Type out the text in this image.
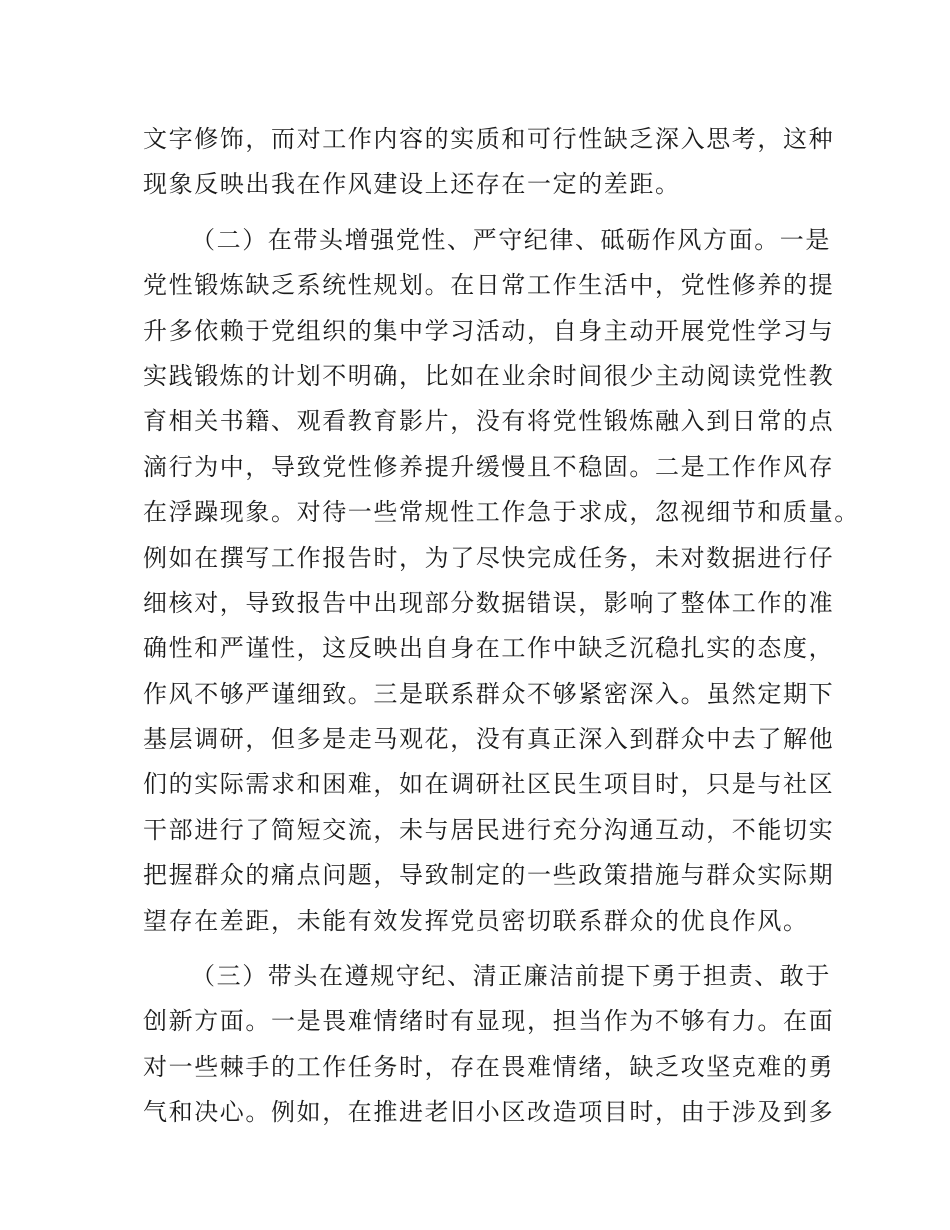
文字修饰，而对工作内容的实质和可行性缺乏深入思考，这种
现象反映出我在作风建设上还存在一定的差距。

（二）在带头增强党性、严守纪律、砥砺作风方面。一是
党性锻炼缺乏系统性规划。在日常工作生活中，党性修养的提
升多依赖于党组织的集中学习活动，自身主动开展党性学习与
实践锻炼的计划不明确，比如在业余时间很少主动阅读党性教
育相关书籍、观看教育影片，没有将党性锻炼融入到日常的点
滴行为中，导致党性修养提升缓慢且不稳固。二是工作作风存
在浮躁现象。对待一些常规性工作急于求成，忽视细节和质量。
例如在撰写工作报告时，为了尽快完成任务，未对数据进行仔
细核对，导致报告中出现部分数据错误，影响了整体工作的准
确性和严谨性，这反映出自身在工作中缺乏沉稳扎实的态度，
作风不够严谨细致。三是联系群众不够紧密深入。虽然定期下
基层调研，但多是走马观花，没有真正深入到群众中去了解他
们的实际需求和困难，如在调研社区民生项目时，只是与社区
干部进行了简短交流，未与居民进行充分沟通互动，不能切实
把握群众的痛点问题，导致制定的一些政策措施与群众实际期
望存在差距，未能有效发挥党员密切联系群众的优良作风。

（三）带头在遵规守纪、清正廉洁前提下勇于担责、敢于
创新方面。一是畏难情绪时有显现，担当作为不够有力。在面
对一些棘手的工作任务时，存在畏难情绪，缺乏攻坚克难的勇
气和决心。例如，在推进老旧小区改造项目时，由于涉及到多
